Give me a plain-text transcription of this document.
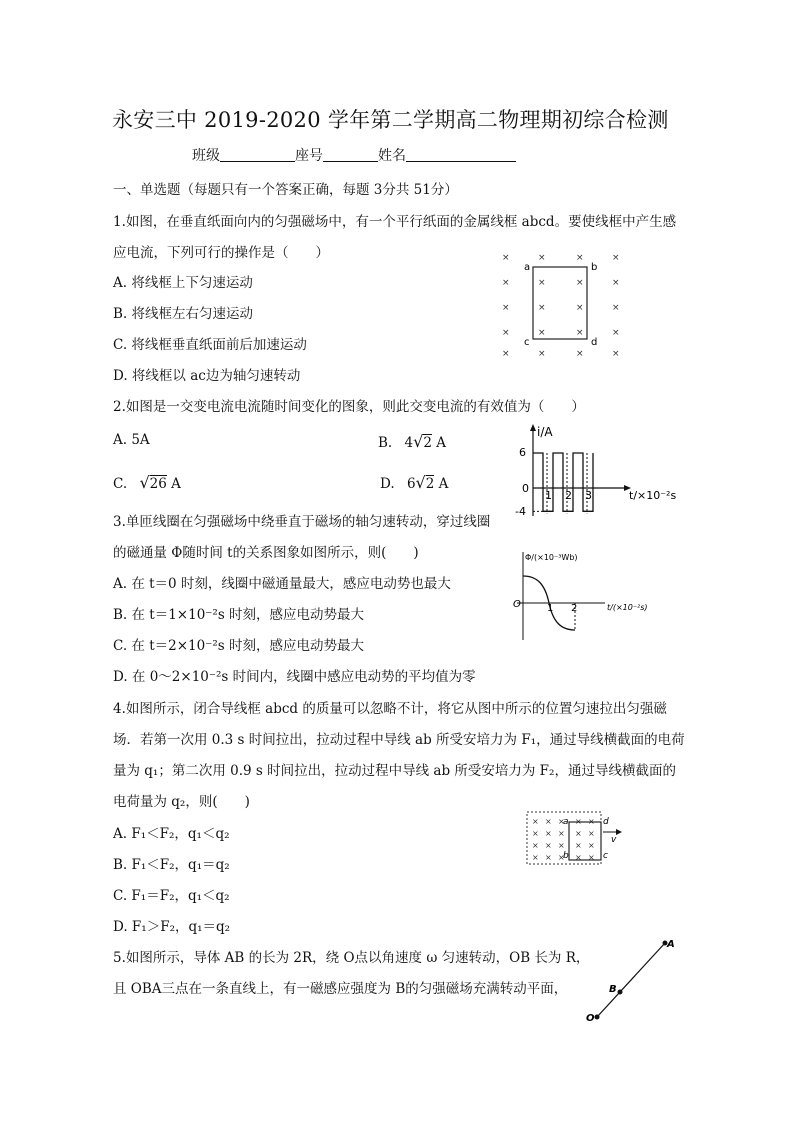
永安三中 2019-2020 学年第二学期高二物理期初综合检测
班级	座号	姓名
一、单选题（每题只有一个答案正确，每题 3分共 51分）
1.如图，在垂直纸面向内的匀强磁场中，有一个平行纸面的金属线框 abcd。要使线框中产生感
应电流，下列可行的操作是（　　）
A. 将线框上下匀速运动
B. 将线框左右匀速运动
C. 将线框垂直纸面前后加速运动
D. 将线框以 ac边为轴匀速转动
×	×	×	×
×	×	×	×
×	×	×	×
×	×	×	×
×	×	×	×
a	b
c	d
2.如图是一交变电流电流随时间变化的图象，则此交变电流的有效值为（　　）
A. 5A	B. 4√2 A
C. √26 A	D. 6√2 A
i/A
t/×10⁻²s
0
6
-4
1 2 3
3.单匝线圈在匀强磁场中绕垂直于磁场的轴匀速转动，穿过线圈
的磁通量 Φ随时间 t的关系图象如图所示，则(　　)
A. 在 t＝0 时刻，线圈中磁通量最大，感应电动势也最大
B. 在 t＝1×10⁻²s 时刻，感应电动势最大
C. 在 t＝2×10⁻²s 时刻，感应电动势最大
D. 在 0～2×10⁻²s 时间内，线圈中感应电动势的平均值为零
Φ/(×10⁻³Wb)
t/(×10⁻²s)
O	1 2
4.如图所示，闭合导线框 abcd 的质量可以忽略不计，将它从图中所示的位置匀速拉出匀强磁
场．若第一次用 0.3 s 时间拉出，拉动过程中导线 ab 所受安培力为 F₁，通过导线横截面的电荷
量为 q₁；第二次用 0.9 s 时间拉出，拉动过程中导线 ab 所受安培力为 F₂，通过导线横截面的
电荷量为 q₂，则(　　)
A. F₁＜F₂，q₁＜q₂
B. F₁＜F₂，q₁＝q₂
C. F₁＝F₂，q₁＜q₂
D. F₁＞F₂，q₁＝q₂
× × × × ×
× × × × ×
× × × × ×
× × × × ×
a
b	c
d
v
5.如图所示，导体 AB 的长为 2R，绕 O点以角速度 ω 匀速转动，OB 长为 R，
且 OBA三点在一条直线上，有一磁感应强度为 B的匀强磁场充满转动平面，
A
B
O
